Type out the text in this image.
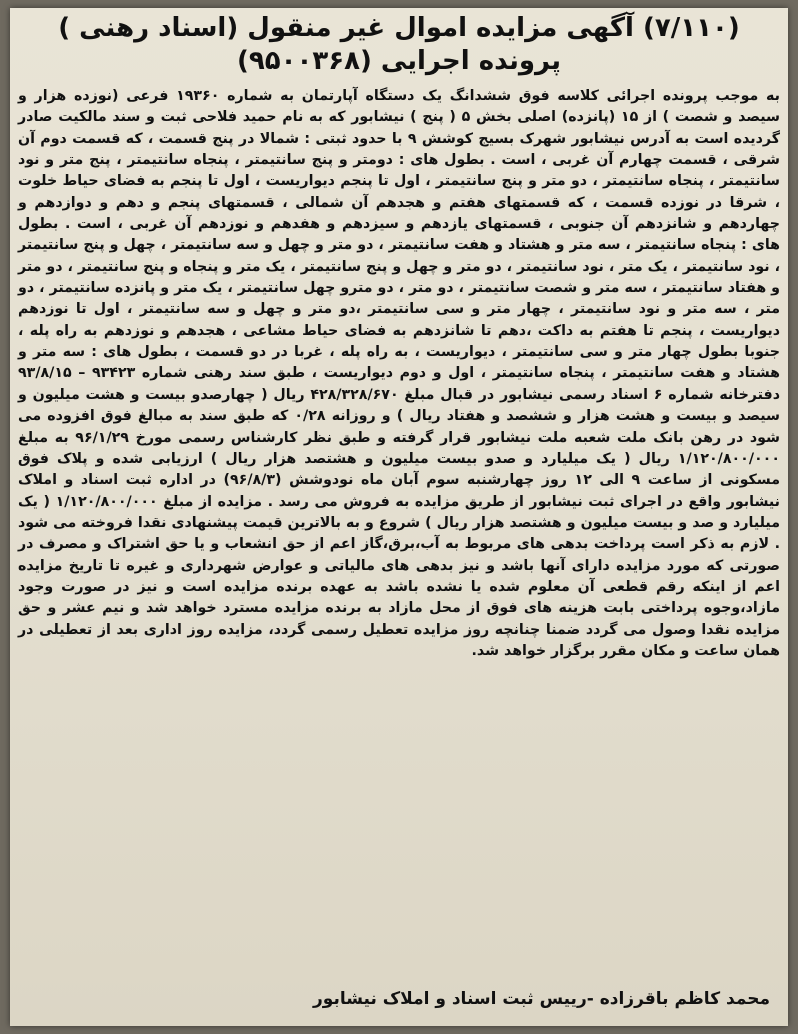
(۷/۱۱۰) آگهی مزایده اموال غیر منقول (اسناد رهنی ) پرونده اجرایی (۹۵۰۰۳۶۸)

به موجب پرونده اجرائی کلاسه فوق ششدانگ یک دستگاه آپارتمان به شماره ۱۹۳۶۰ فرعی (نوزده هزار و سیصد و شصت ) از ۱۵ (پانزده) اصلی بخش ۵ ( پنج ) نیشابور که به نام حمید فلاحی ثبت و سند مالکیت صادر گردیده است به آدرس نیشابور شهرک بسیج کوشش ۹ با حدود ثبتی : شمالا در پنج قسمت ، که قسمت دوم آن شرقی ، قسمت چهارم آن غربی ، است . بطول های : دومتر و پنج سانتیمتر ، پنجاه سانتیمتر ، پنج متر و نود سانتیمتر ، پنجاه سانتیمتر ، دو متر و پنج سانتیمتر ، اول تا پنجم دیواریست ، اول تا پنجم به فضای حیاط خلوت ، شرقا در نوزده قسمت ، که قسمتهای هفتم و هجدهم آن شمالی ، قسمتهای پنجم و دهم و دوازدهم و چهاردهم و شانزدهم آن جنوبی ، قسمتهای یازدهم و سیزدهم و هفدهم و نوزدهم آن غربی ، است . بطول های : پنجاه سانتیمتر ، سه متر و هشتاد و هفت سانتیمتر ، دو متر و چهل و سه سانتیمتر ، چهل و پنج سانتیمتر ، نود سانتیمتر ، یک متر ، نود سانتیمتر ، دو متر و چهل و پنج سانتیمتر ، یک متر و پنجاه و پنج سانتیمتر ، دو متر و هفتاد سانتیمتر ، سه متر و شصت سانتیمتر ، دو متر ، دو مترو چهل سانتیمتر ، یک متر و پانزده سانتیمتر ، دو متر ، سه متر و نود سانتیمتر ، چهار متر و سی سانتیمتر ،دو متر و چهل و سه سانتیمتر ، اول تا نوزدهم دیواریست ، پنجم تا هفتم به داکت ،دهم تا شانزدهم به فضای حیاط مشاعی ، هجدهم و نوزدهم به راه پله ، جنوبا بطول چهار متر و سی سانتیمتر ، دیواریست ، به راه پله ، غربا در دو قسمت ، بطول های : سه متر و هشتاد و هفت سانتیمتر ، پنجاه سانتیمتر ، اول و دوم دیواریست ، طبق سند رهنی شماره ۹۳۴۲۳ – ۹۳/۸/۱۵ دفترخانه شماره ۶ اسناد رسمی نیشابور در قبال مبلغ ۴۲۸/۳۲۸/۶۷۰ ریال ( چهارصدو بیست و هشت میلیون و سیصد و بیست و هشت هزار و ششصد و هفتاد ریال ) و روزانه ۰/۲۸ که طبق سند به مبالغ فوق افزوده می شود در رهن بانک ملت شعبه ملت نیشابور قرار گرفته و طبق نظر کارشناس رسمی مورخ ۹۶/۱/۲۹ به مبلغ ۱/۱۲۰/۸۰۰/۰۰۰ ریال ( یک میلیارد و صدو بیست میلیون و هشتصد هزار ریال ) ارزیابی شده و پلاک فوق مسکونی از ساعت ۹ الی ۱۲ روز چهارشنبه سوم آبان ماه نودوشش (۹۶/۸/۳) در اداره ثبت اسناد و املاک نیشابور واقع در اجرای ثبت نیشابور از طریق مزایده به فروش می رسد . مزایده از مبلغ ۱/۱۲۰/۸۰۰/۰۰۰ ( یک میلیارد و صد و بیست میلیون و هشتصد هزار ریال ) شروع و به بالاترین قیمت پیشنهادی نقدا فروخته می شود . لازم به ذکر است پرداخت بدهی های مربوط به آب،برق،گاز اعم از حق انشعاب و یا حق اشتراک و مصرف در صورتی که مورد مزایده دارای آنها باشد و نیز بدهی های مالیاتی و عوارض شهرداری و غیره تا تاریخ مزایده اعم از اینکه رقم قطعی آن معلوم شده یا نشده باشد به عهده برنده مزایده است و نیز در صورت وجود مازاد،وجوه پرداختی بابت هزینه های فوق از محل مازاد به برنده مزایده مسترد خواهد شد و نیم عشر و حق مزایده نقدا وصول می گردد ضمنا چنانچه روز مزایده تعطیل رسمی گردد، مزایده روز اداری بعد از تعطیلی در همان ساعت و مکان مقرر برگزار خواهد شد.

محمد کاظم باقرزاده -رییس ثبت اسناد و املاک نیشابور
